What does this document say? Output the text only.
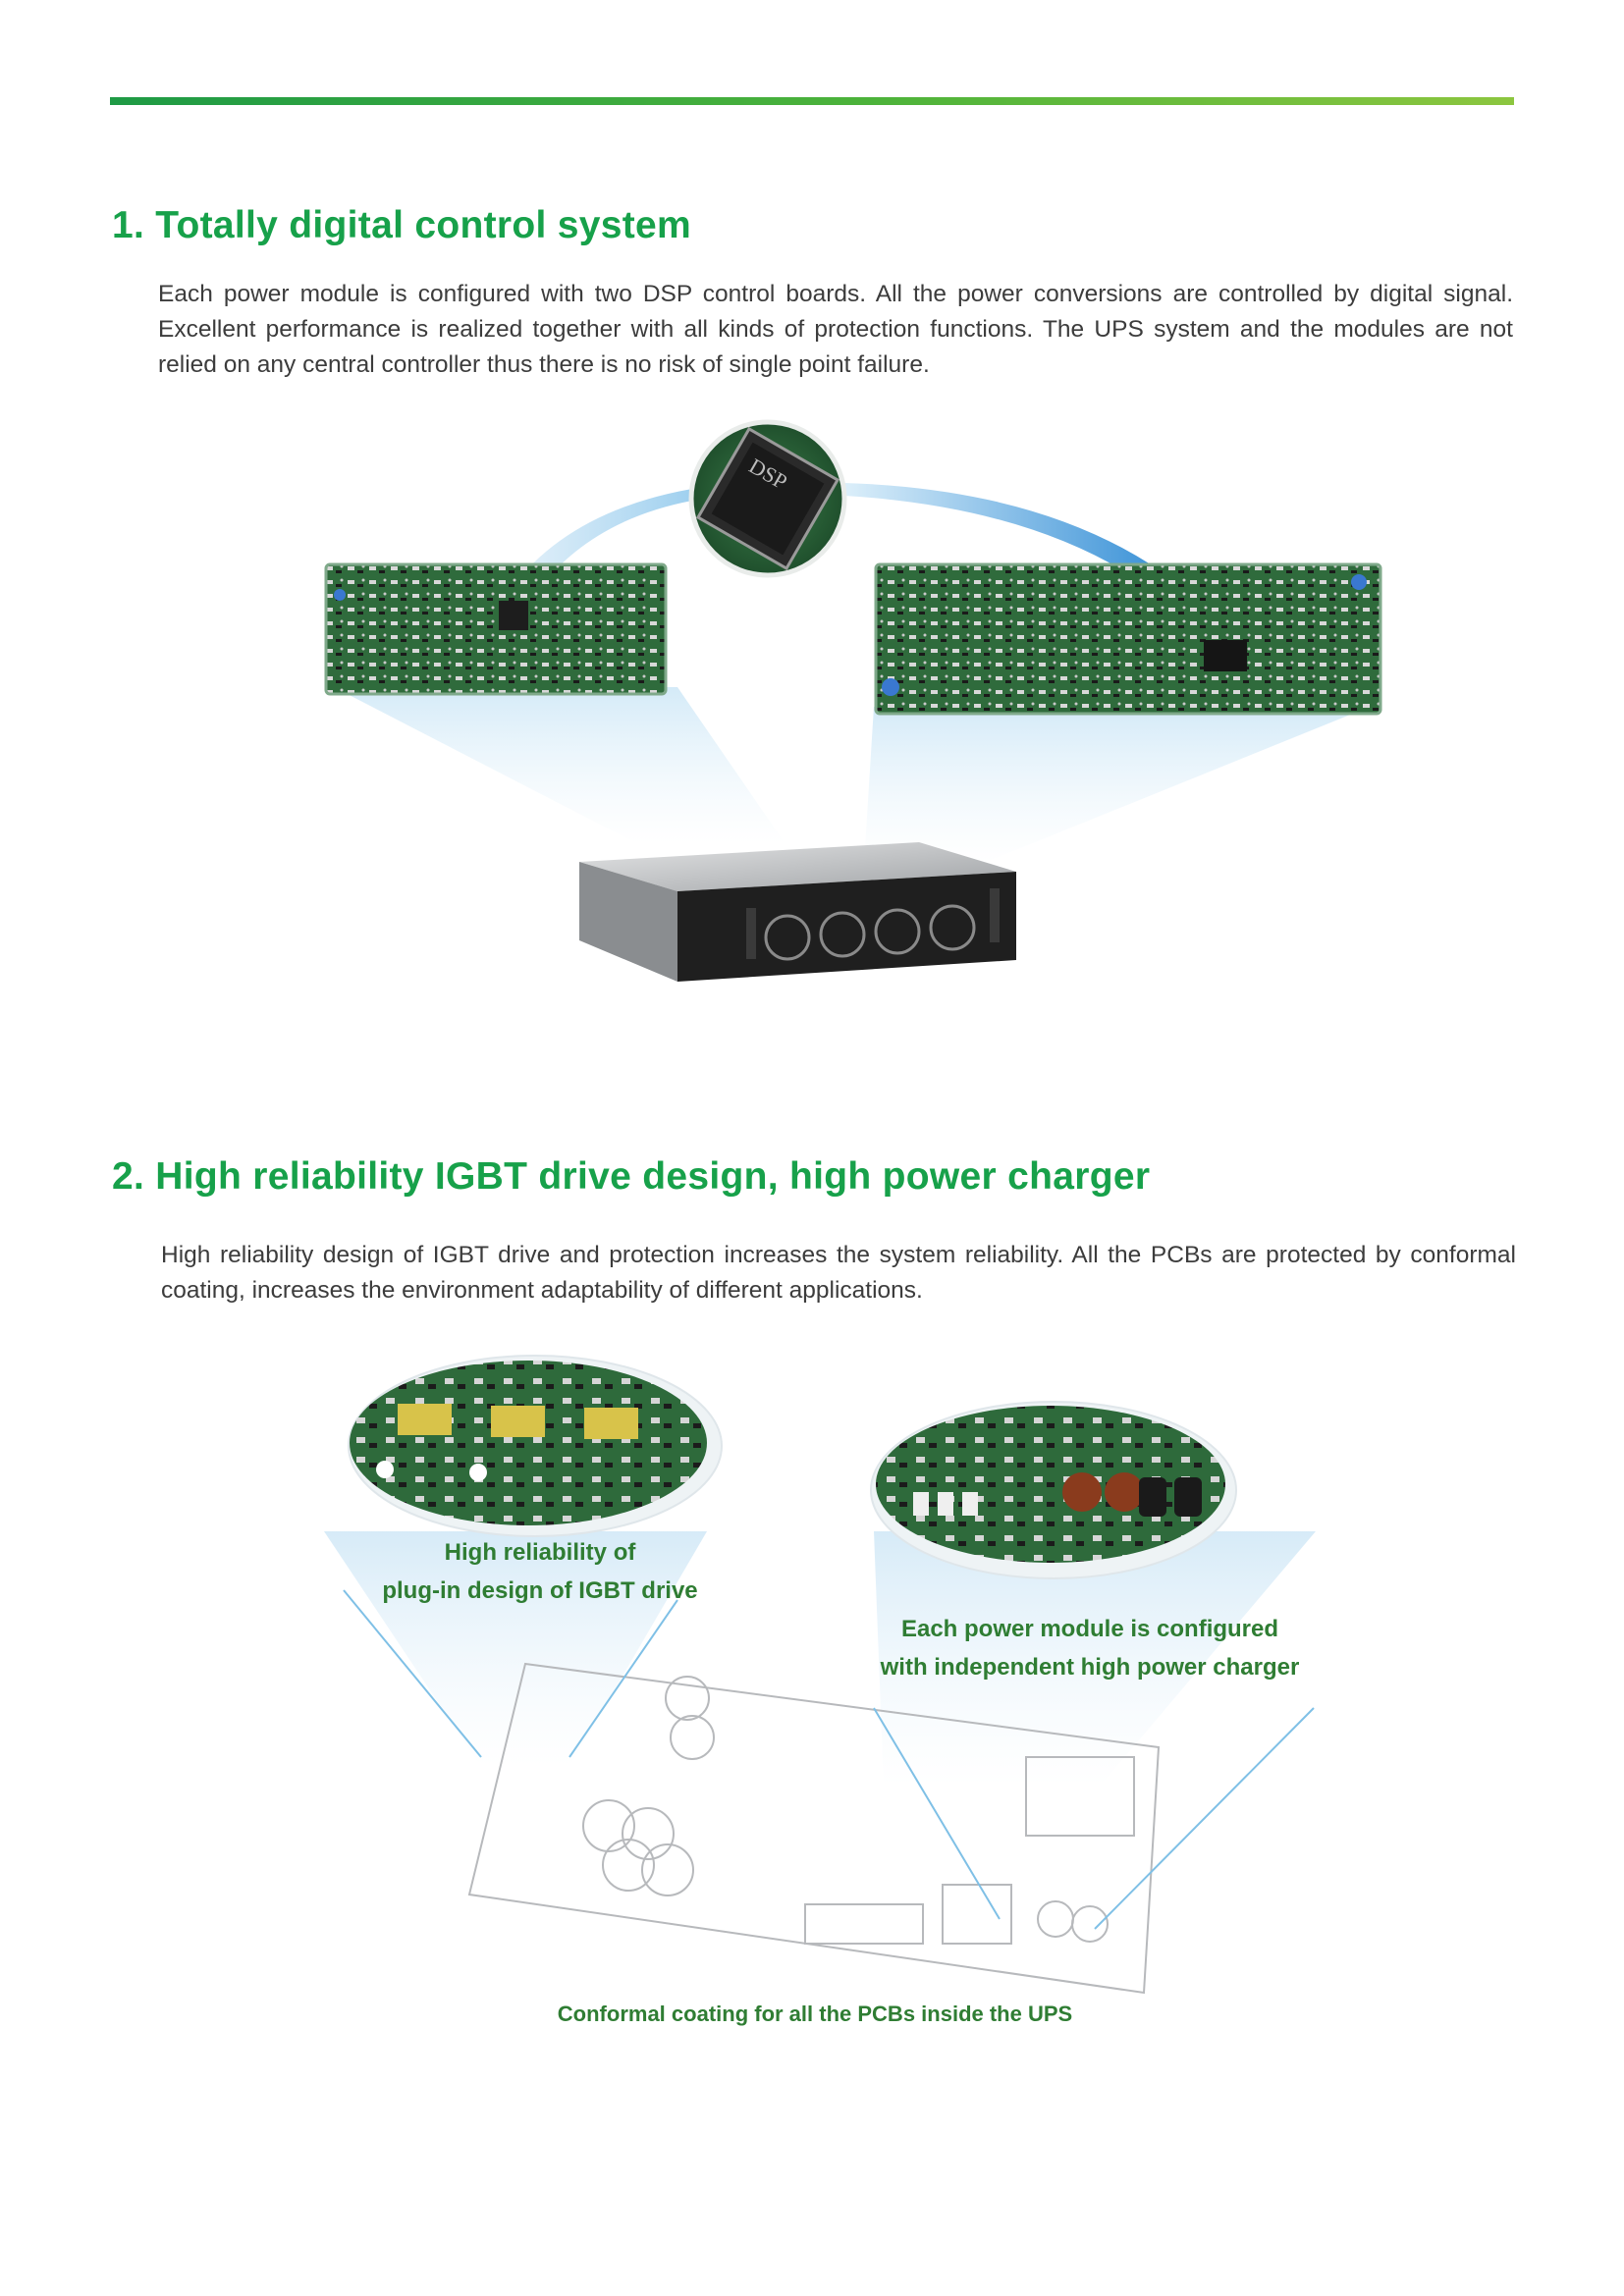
1. Totally digital control system
Each power module is configured with two DSP control boards. All the power conversions are controlled by digital signal. Excellent performance is realized together with all kinds of protection functions. The UPS system and the modules are not relied on any central controller thus there is no risk of single point failure.
DSP
2. High reliability IGBT drive design, high power charger
High reliability design of IGBT drive and protection increases the system reliability. All the PCBs are protected by conformal coating, increases the environment adaptability of different applications.
High reliability of
plug-in design of IGBT drive
Each power module is configured
with independent high power charger
Conformal coating for all the PCBs inside the UPS
